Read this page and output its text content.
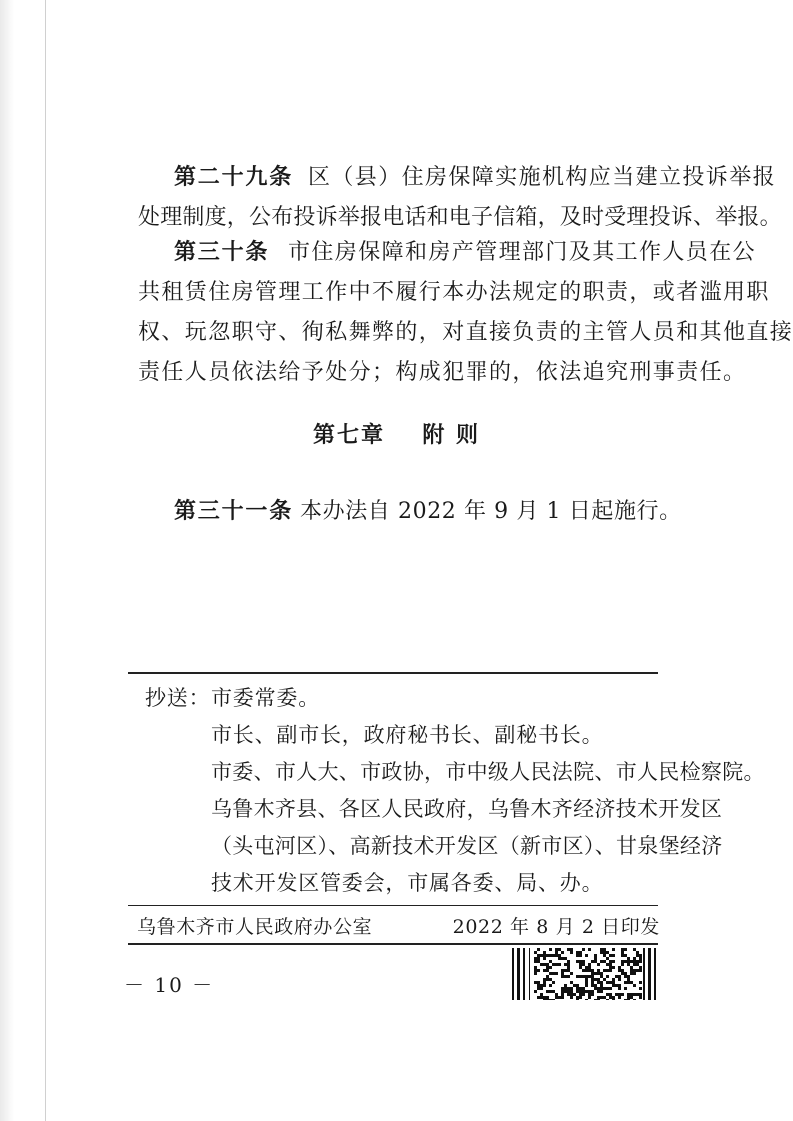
第二十九条 区（县）住房保障实施机构应当建立投诉举报
处理制度，公布投诉举报电话和电子信箱，及时受理投诉、举报。
第三十条 市住房保障和房产管理部门及其工作人员在公
共租赁住房管理工作中不履行本办法规定的职责，或者滥用职
权、玩忽职守、徇私舞弊的，对直接负责的主管人员和其他直接
责任人员依法给予处分；构成犯罪的，依法追究刑事责任。
第七章 附 则
第三十一条 本办法自 2022 年 9 月 1 日起施行。
抄送： 市委常委。
市长、副市长，政府秘书长、副秘书长。
市委、市人大、市政协，市中级人民法院、市人民检察院。
乌鲁木齐县、各区人民政府，乌鲁木齐经济技术开发区
（头屯河区）、高新技术开发区（新市区）、甘泉堡经济
技术开发区管委会，市属各委、局、办。
乌鲁木齐市人民政府办公室	2022 年 8 月 2 日印发
－ 10 －
